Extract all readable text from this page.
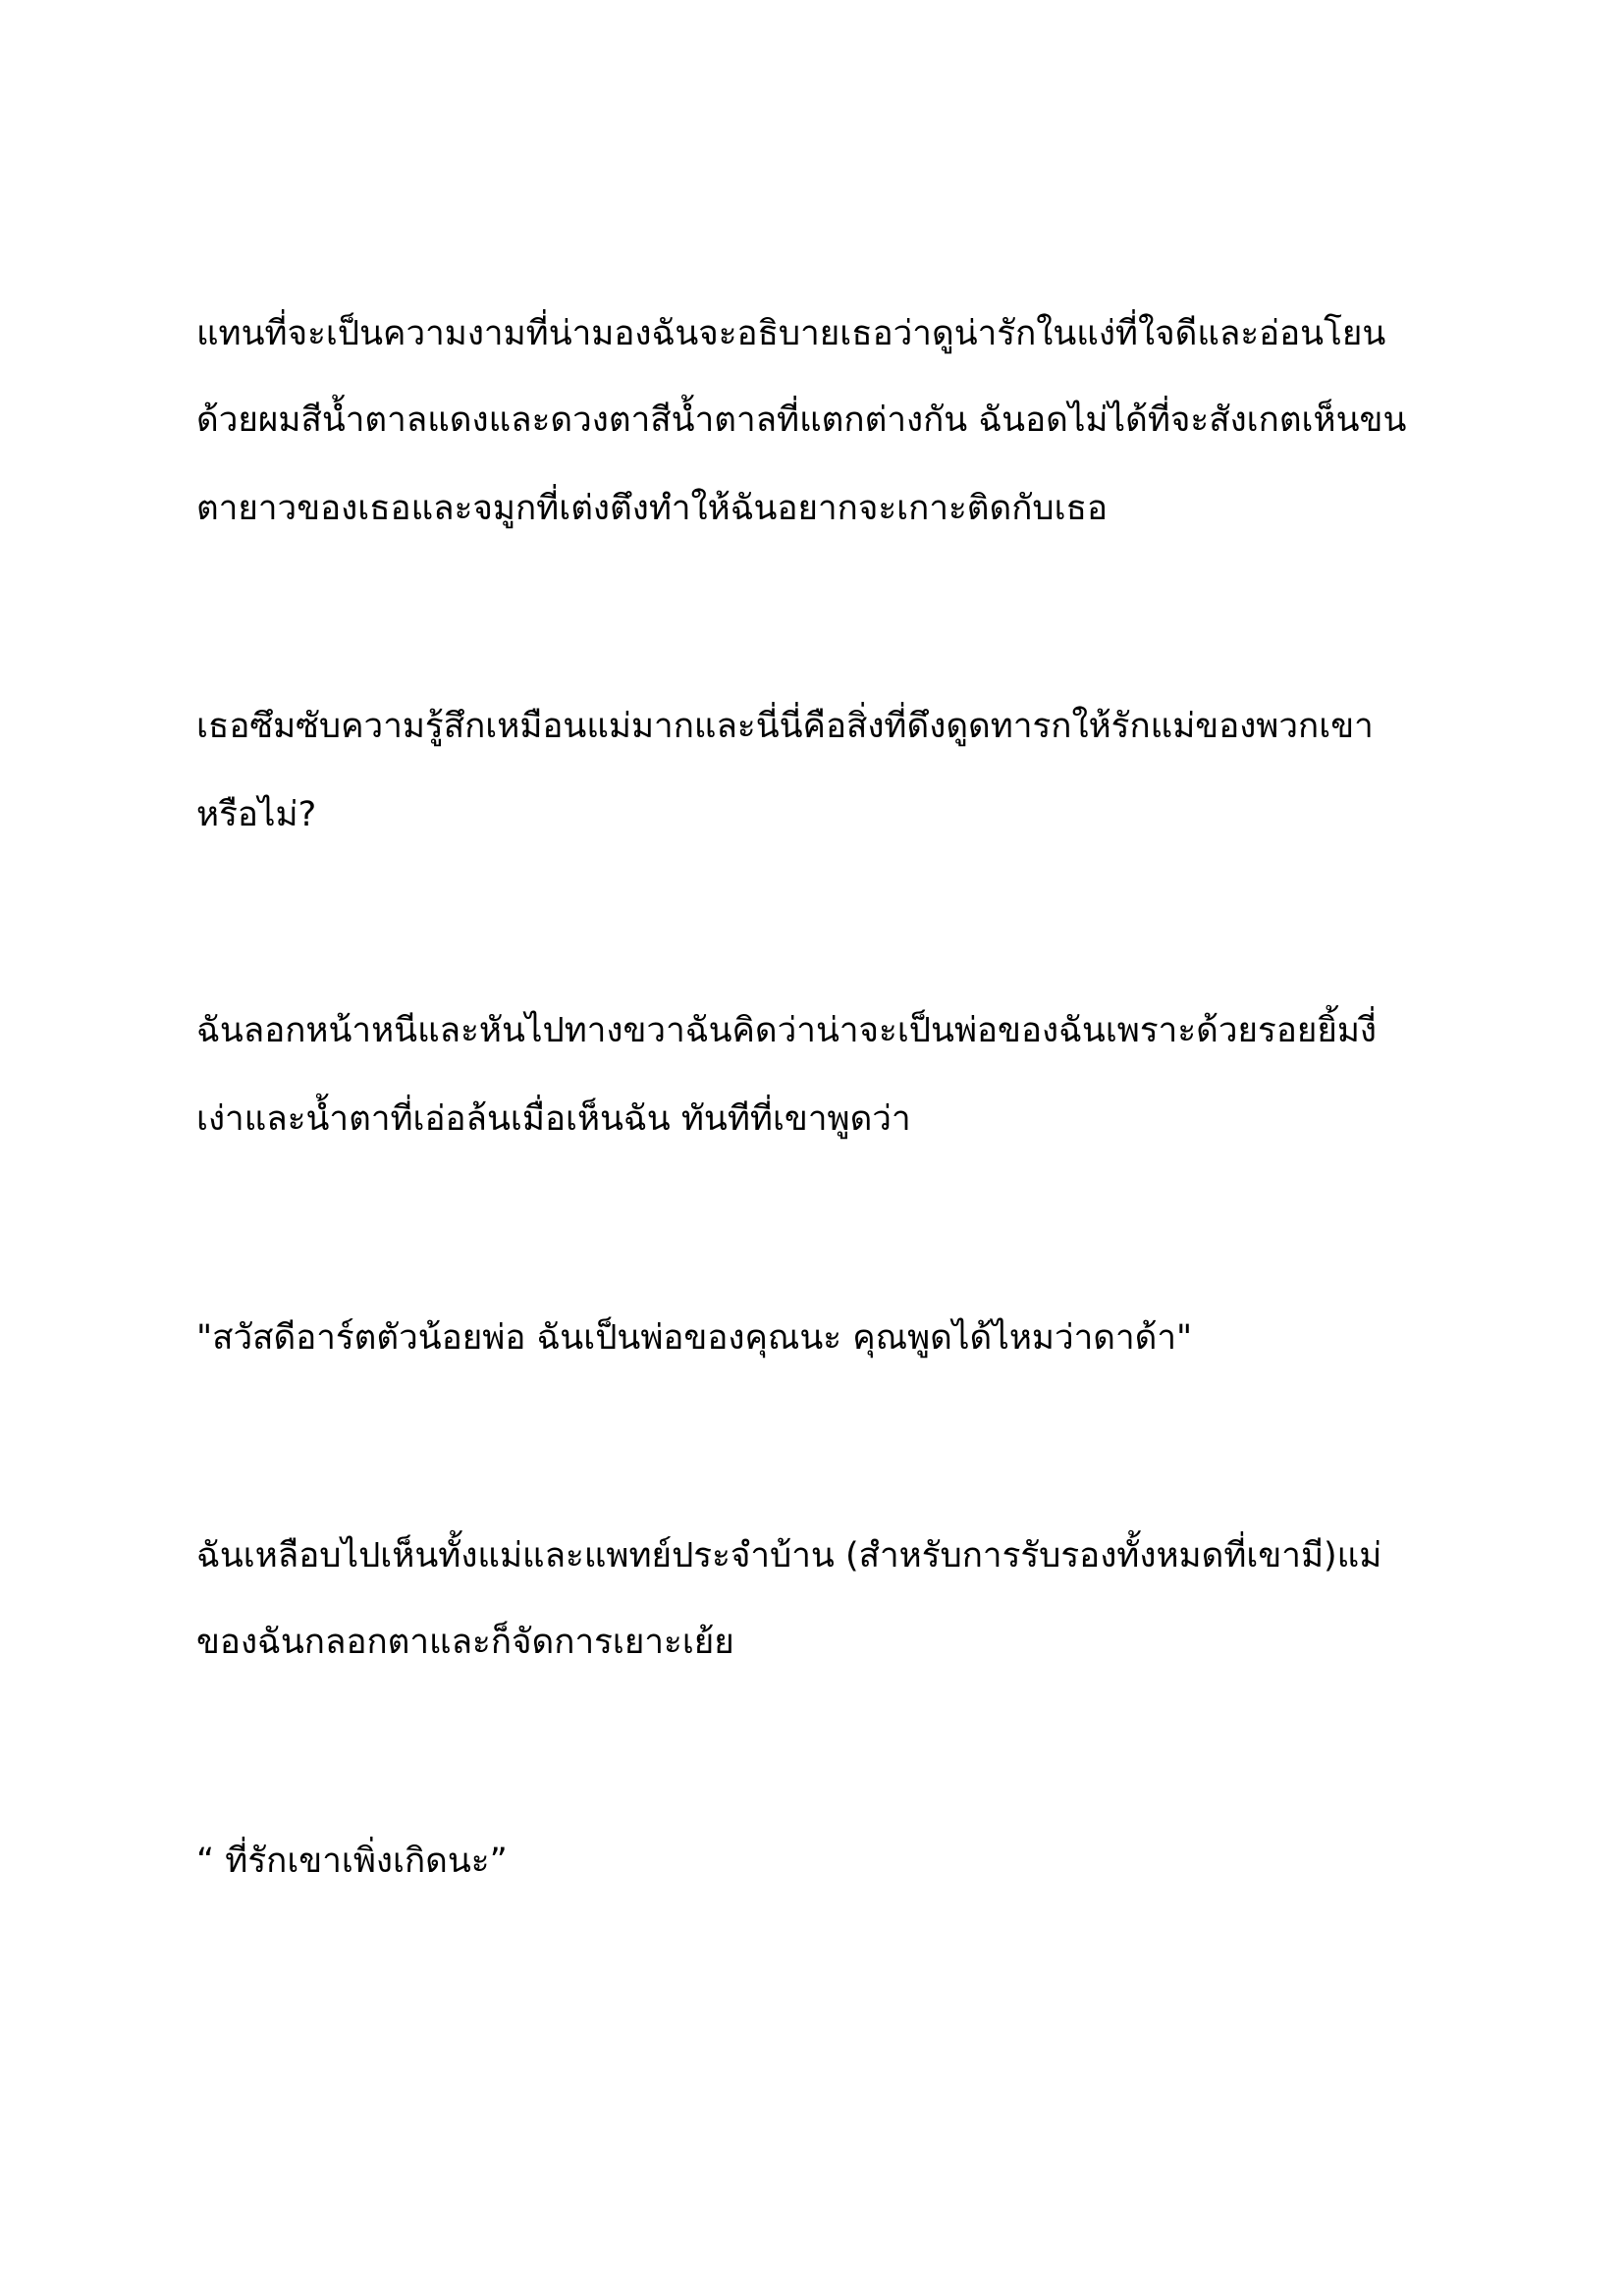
แทนที่จะเป็นความงามที่น่ามองฉันจะอธิบายเธอว่าดูน่ารักในแง่ที่ใจดีและอ่อนโยน

ด้วยผมสีน้ำตาลแดงและดวงตาสีน้ำตาลที่แตกต่างกัน ฉันอดไม่ได้ที่จะสังเกตเห็นขน

ตายาวของเธอและจมูกที่เต่งตึงทำให้ฉันอยากจะเกาะติดกับเธอ

เธอซึมซับความรู้สึกเหมือนแม่มากและนี่นี่คือสิ่งที่ดึงดูดทารกให้รักแม่ของพวกเขา

หรือไม่?

ฉันลอกหน้าหนีและหันไปทางขวาฉันคิดว่าน่าจะเป็นพ่อของฉันเพราะด้วยรอยยิ้มงี่

เง่าและน้ำตาที่เอ่อล้นเมื่อเห็นฉัน ทันทีที่เขาพูดว่า

"สวัสดีอาร์ตตัวน้อยพ่อ ฉันเป็นพ่อของคุณนะ คุณพูดได้ไหมว่าดาด้า"

ฉันเหลือบไปเห็นทั้งแม่และแพทย์ประจำบ้าน (สำหรับการรับรองทั้งหมดที่เขามี)แม่

ของฉันกลอกตาและก็จัดการเยาะเย้ย

“ ที่รักเขาเพิ่งเกิดนะ”
